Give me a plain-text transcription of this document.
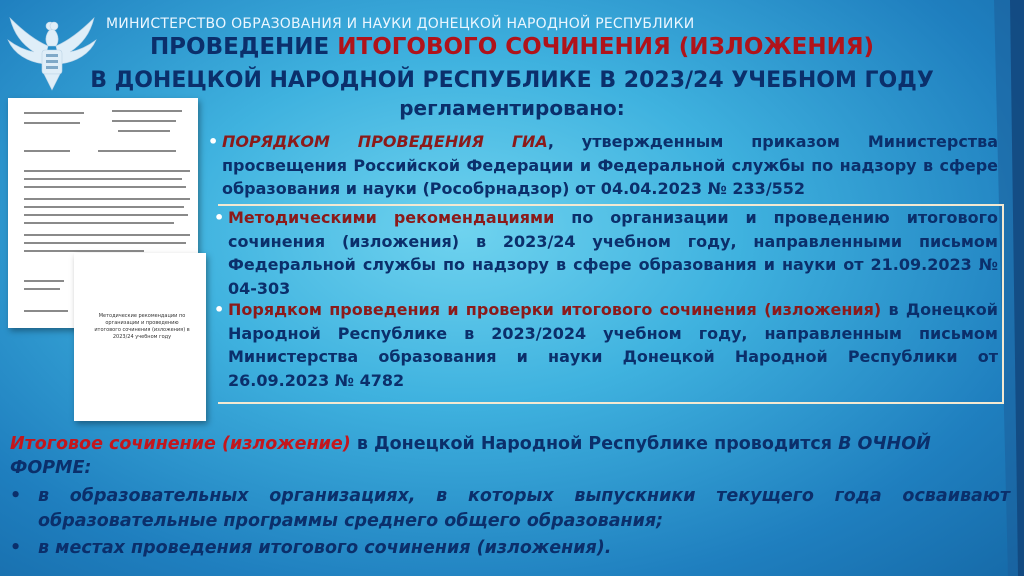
МИНИСТЕРСТВО ОБРАЗОВАНИЯ И НАУКИ ДОНЕЦКОЙ НАРОДНОЙ РЕСПУБЛИКИ

ПРОВЕДЕНИЕ ИТОГОВОГО СОЧИНЕНИЯ (ИЗЛОЖЕНИЯ)

В ДОНЕЦКОЙ НАРОДНОЙ РЕСПУБЛИКЕ В 2023/24 УЧЕБНОМ ГОДУ

регламентировано:

Методические рекомендации по организации и проведению итогового сочинения (изложения) в 2023/24 учебном году
• ПОРЯДКОМ ПРОВЕДЕНИЯ ГИА, утвержденным приказом Министерства просвещения Российской Федерации и Федеральной службы по надзору в сфере образования и науки (Рособрнадзор) от 04.04.2023 № 233/552
• Методическими рекомендациями по организации и проведению итогового сочинения (изложения) в 2023/24 учебном году, направленными письмом Федеральной службы по надзору в сфере образования и науки от 21.09.2023 № 04-303
• Порядком проведения и проверки итогового сочинения (изложения) в Донецкой Народной Республике в 2023/2024 учебном году, направленным письмом Министерства образования и науки Донецкой Народной Республики от 26.09.2023 № 4782

Итоговое сочинение (изложение) в Донецкой Народной Республике проводится В ОЧНОЙ ФОРМЕ:

• в образовательных организациях, в которых выпускники текущего года осваивают образовательные программы среднего общего образования;
• в местах проведения итогового сочинения (изложения).
